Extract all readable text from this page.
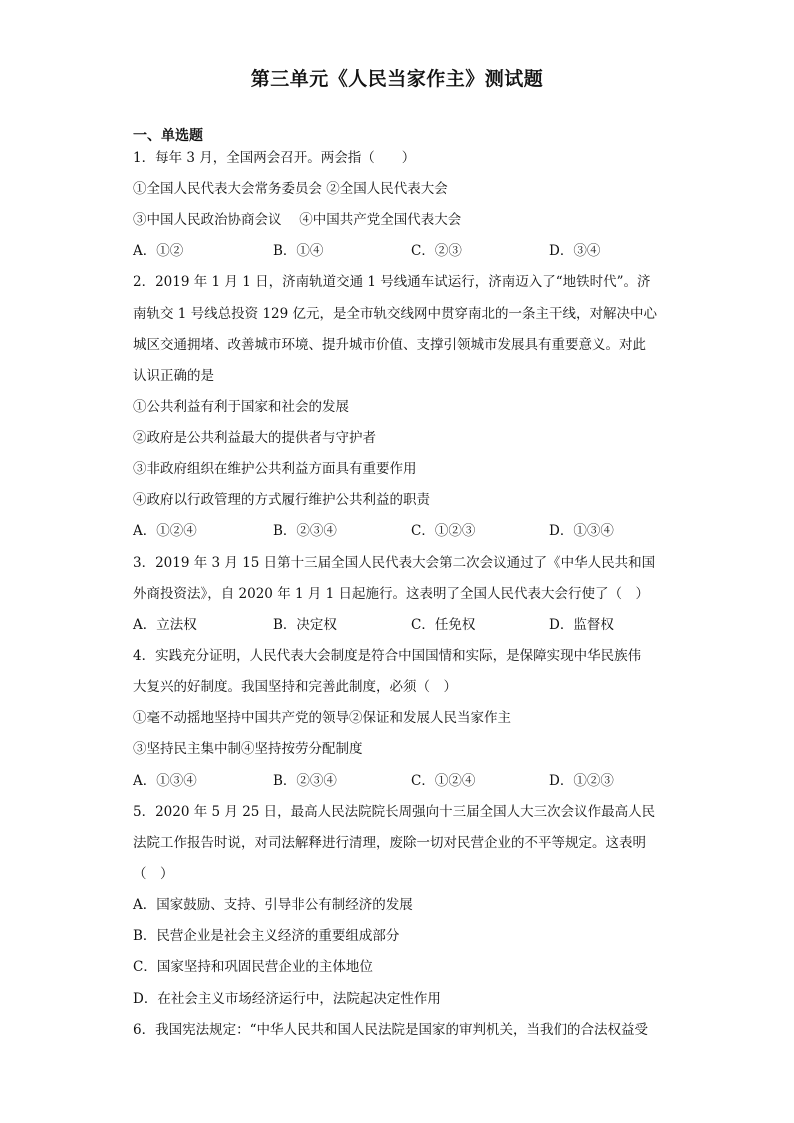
第三单元《人民当家作主》测试题
一、单选题
1．每年 3 月，全国两会召开。两会指（　　）
①全国人民代表大会常务委员会 ②全国人民代表大会
③中国人民政治协商会议　 ④中国共产党全国代表大会
A．①②	B．①④	C．②③	D．③④
2．2019 年 1 月 1 日，济南轨道交通 1 号线通车试运行，济南迈入了“地铁时代”。济
南轨交 1 号线总投资 129 亿元，是全市轨交线网中贯穿南北的一条主干线，对解决中心
城区交通拥堵、改善城市环境、提升城市价值、支撑引领城市发展具有重要意义。对此
认识正确的是
①公共利益有利于国家和社会的发展
②政府是公共利益最大的提供者与守护者
③非政府组织在维护公共利益方面具有重要作用
④政府以行政管理的方式履行维护公共利益的职责
A．①②④	B．②③④	C．①②③	D．①③④
3．2019 年 3 月 15 日第十三届全国人民代表大会第二次会议通过了《中华人民共和国
外商投资法》，自 2020 年 1 月 1 日起施行。这表明了全国人民代表大会行使了（　）
A．立法权	B．决定权	C．任免权	D．监督权
4．实践充分证明，人民代表大会制度是符合中国国情和实际，是保障实现中华民族伟
大复兴的好制度。我国坚持和完善此制度，必须（　）
①毫不动摇地坚持中国共产党的领导②保证和发展人民当家作主
③坚持民主集中制④坚持按劳分配制度
A．①③④	B．②③④	C．①②④	D．①②③
5．2020 年 5 月 25 日，最高人民法院院长周强向十三届全国人大三次会议作最高人民
法院工作报告时说，对司法解释进行清理，废除一切对民营企业的不平等规定。这表明
（　）
A．国家鼓励、支持、引导非公有制经济的发展
B．民营企业是社会主义经济的重要组成部分
C．国家坚持和巩固民营企业的主体地位
D．在社会主义市场经济运行中，法院起决定性作用
6．我国宪法规定：“中华人民共和国人民法院是国家的审判机关，当我们的合法权益受
